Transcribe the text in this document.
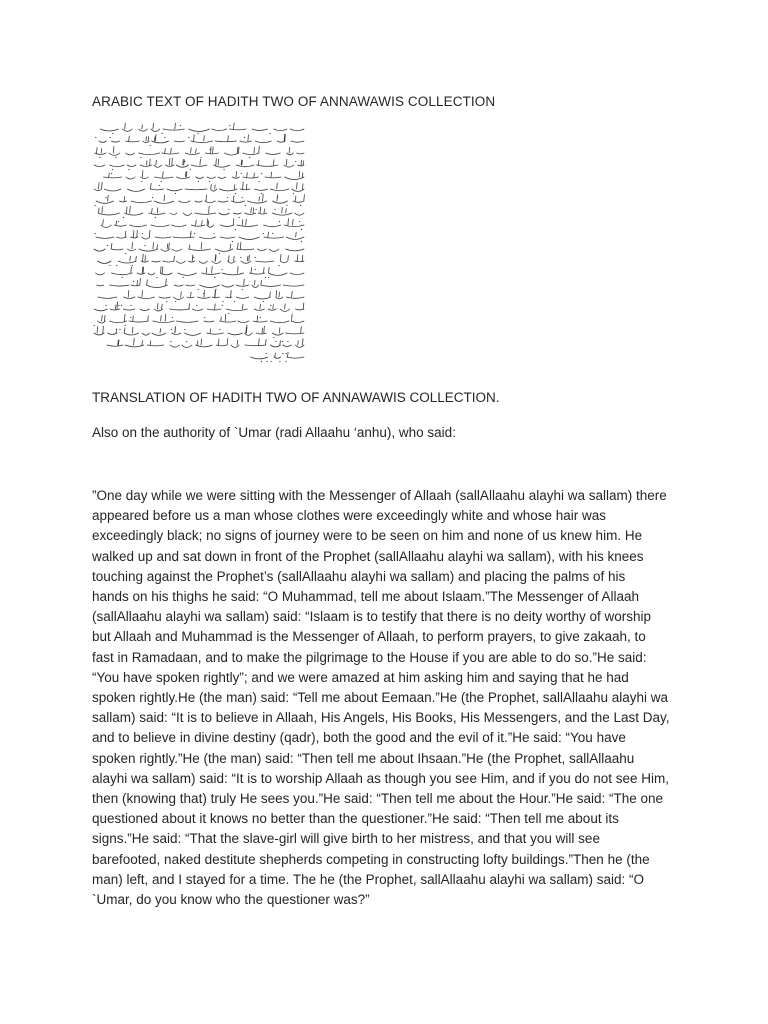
ARABIC TEXT OF HADITH TWO OF ANNAWAWIS COLLECTION
TRANSLATION OF HADITH TWO OF ANNAWAWIS COLLECTION.

Also on the authority of `Umar (radi Allaahu ‘anhu), who said:

”One day while we were sitting with the Messenger of Allaah (sallAllaahu alayhi wa sallam) there
appeared before us a man whose clothes were exceedingly white and whose hair was
exceedingly black; no signs of journey were to be seen on him and none of us knew him. He
walked up and sat down in front of the Prophet (sallAllaahu alayhi wa sallam), with his knees
touching against the Prophet’s (sallAllaahu alayhi wa sallam) and placing the palms of his
hands on his thighs he said: “O Muhammad, tell me about Islaam.”The Messenger of Allaah
(sallAllaahu alayhi wa sallam) said: “Islaam is to testify that there is no deity worthy of worship
but Allaah and Muhammad is the Messenger of Allaah, to perform prayers, to give zakaah, to
fast in Ramadaan, and to make the pilgrimage to the House if you are able to do so.”He said:
“You have spoken rightly”; and we were amazed at him asking him and saying that he had
spoken rightly.He (the man) said: “Tell me about Eemaan.”He (the Prophet, sallAllaahu alayhi wa
sallam) said: “It is to believe in Allaah, His Angels, His Books, His Messengers, and the Last Day,
and to believe in divine destiny (qadr), both the good and the evil of it.”He said: “You have
spoken rightly.”He (the man) said: “Then tell me about Ihsaan.”He (the Prophet, sallAllaahu
alayhi wa sallam) said: “It is to worship Allaah as though you see Him, and if you do not see Him,
then (knowing that) truly He sees you.”He said: “Then tell me about the Hour.”He said: “The one
questioned about it knows no better than the questioner.”He said: “Then tell me about its
signs.”He said: “That the slave-girl will give birth to her mistress, and that you will see
barefooted, naked destitute shepherds competing in constructing lofty buildings.”Then he (the
man) left, and I stayed for a time. The he (the Prophet, sallAllaahu alayhi wa sallam) said: “O
`Umar, do you know who the questioner was?”
